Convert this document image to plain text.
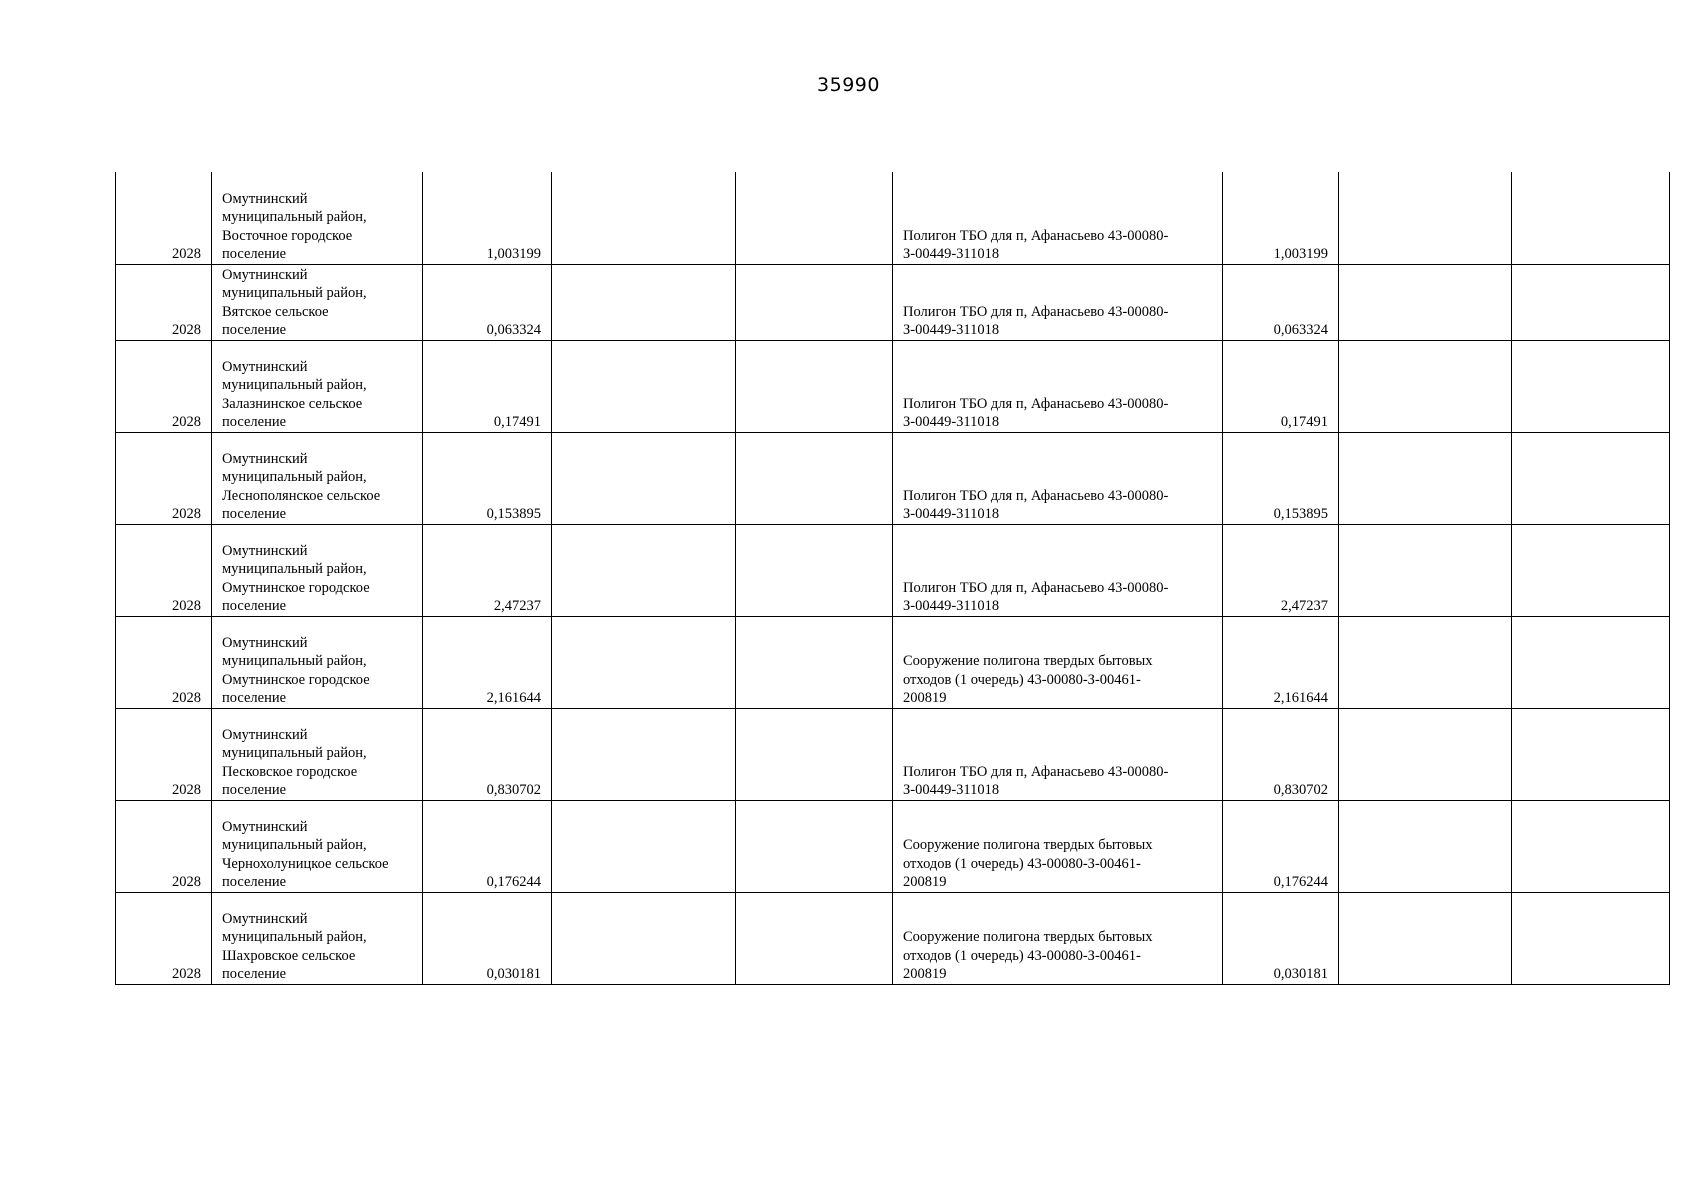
35990
2028	Омутнинский
муниципальный район,
Восточное городское
поселение	1,003199			Полигон ТБО для п, Афанасьево 43-00080-
З-00449-311018	1,003199		

2028	Омутнинский
муниципальный район,
Вятское сельское
поселение	0,063324			Полигон ТБО для п, Афанасьево 43-00080-
З-00449-311018	0,063324		

2028	Омутнинский
муниципальный район,
Залазнинское сельское
поселение	0,17491			Полигон ТБО для п, Афанасьево 43-00080-
З-00449-311018	0,17491		

2028	Омутнинский
муниципальный район,
Леснополянское сельское
поселение	0,153895			Полигон ТБО для п, Афанасьево 43-00080-
З-00449-311018	0,153895		

2028	Омутнинский
муниципальный район,
Омутнинское городское
поселение	2,47237			Полигон ТБО для п, Афанасьево 43-00080-
З-00449-311018	2,47237		

2028	Омутнинский
муниципальный район,
Омутнинское городское
поселение	2,161644			Сооружение полигона твердых бытовых
отходов (1 очередь) 43-00080-З-00461-
200819	2,161644		

2028	Омутнинский
муниципальный район,
Песковское городское
поселение	0,830702			Полигон ТБО для п, Афанасьево 43-00080-
З-00449-311018	0,830702		

2028	Омутнинский
муниципальный район,
Чернохолуницкое сельское
поселение	0,176244			Сооружение полигона твердых бытовых
отходов (1 очередь) 43-00080-З-00461-
200819	0,176244		

2028	Омутнинский
муниципальный район,
Шахровское сельское
поселение	0,030181			Сооружение полигона твердых бытовых
отходов (1 очередь) 43-00080-З-00461-
200819	0,030181		
